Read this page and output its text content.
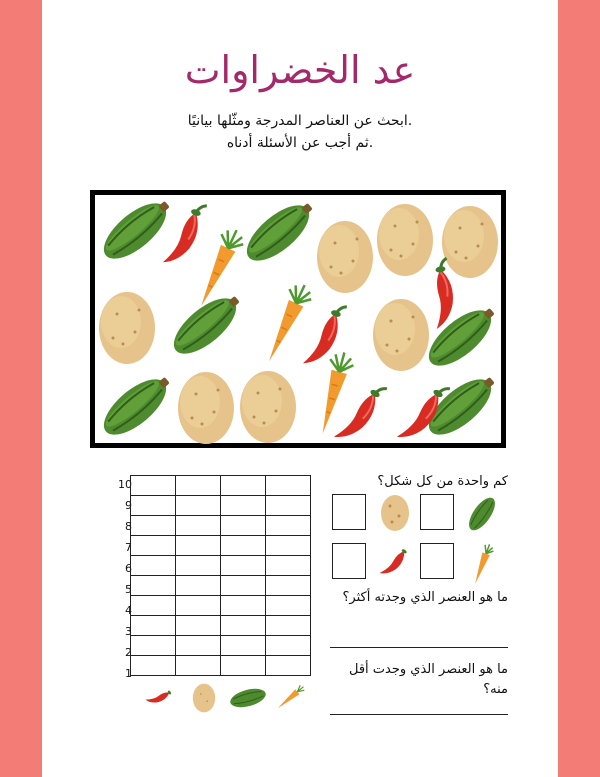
عد الخضراوات
.ابحث عن العناصر المدرجة ومثّلها بيانيًا
.ثم أجب عن الأسئلة أدناه
10
9
8
7
6
5
4
3
2
1

كم واحدة من كل شكل؟
ما هو العنصر الذي وجدته أكثر؟
ما هو العنصر الذي وجدت أقل
منه؟
